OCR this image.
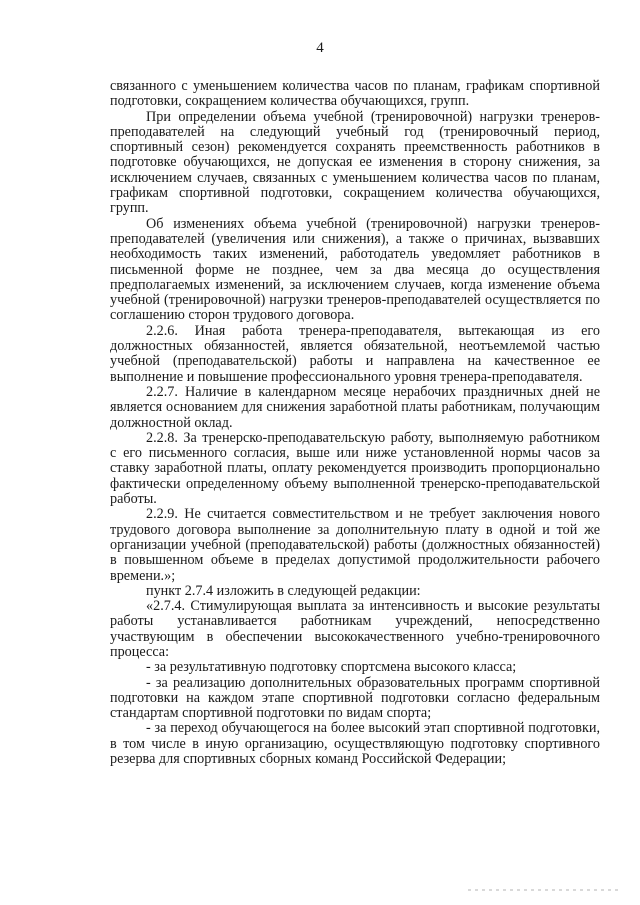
4

связанного с уменьшением количества часов по планам, графикам спортивной подготовки, сокращением количества обучающихся, групп.

При определении объема учебной (тренировочной) нагрузки тренеров-преподавателей на следующий учебный год (тренировочный период, спортивный сезон) рекомендуется сохранять преемственность работников в подготовке обучающихся, не допуская ее изменения в сторону снижения, за исключением случаев, связанных с уменьшением количества часов по планам, графикам спортивной подготовки, сокращением количества обучающихся, групп.

Об изменениях объема учебной (тренировочной) нагрузки тренеров-преподавателей (увеличения или снижения), а также о причинах, вызвавших необходимость таких изменений, работодатель уведомляет работников в письменной форме не позднее, чем за два месяца до осуществления предполагаемых изменений, за исключением случаев, когда изменение объема учебной (тренировочной) нагрузки тренеров-преподавателей осуществляется по соглашению сторон трудового договора.

2.2.6. Иная работа тренера-преподавателя, вытекающая из его должностных обязанностей, является обязательной, неотъемлемой частью учебной (преподавательской) работы и направлена на качественное ее выполнение и повышение профессионального уровня тренера-преподавателя.

2.2.7. Наличие в календарном месяце нерабочих праздничных дней не является основанием для снижения заработной платы работникам, получающим должностной оклад.

2.2.8. За тренерско-преподавательскую работу, выполняемую работником с его письменного согласия, выше или ниже установленной нормы часов за ставку заработной платы, оплату рекомендуется производить пропорционально фактически определенному объему выполненной тренерско-преподавательской работы.

2.2.9. Не считается совместительством и не требует заключения нового трудового договора выполнение за дополнительную плату в одной и той же организации учебной (преподавательской) работы (должностных обязанностей) в повышенном объеме в пределах допустимой продолжительности рабочего времени.»;

пункт 2.7.4 изложить в следующей редакции:

«2.7.4. Стимулирующая выплата за интенсивность и высокие результаты работы устанавливается работникам учреждений, непосредственно участвующим в обеспечении высококачественного учебно-тренировочного процесса:

- за результативную подготовку спортсмена высокого класса;

- за реализацию дополнительных образовательных программ спортивной подготовки на каждом этапе спортивной подготовки согласно федеральным стандартам спортивной подготовки по видам спорта;

- за переход обучающегося на более высокий этап спортивной подготовки, в том числе в иную организацию, осуществляющую подготовку спортивного резерва для спортивных сборных команд Российской Федерации;
